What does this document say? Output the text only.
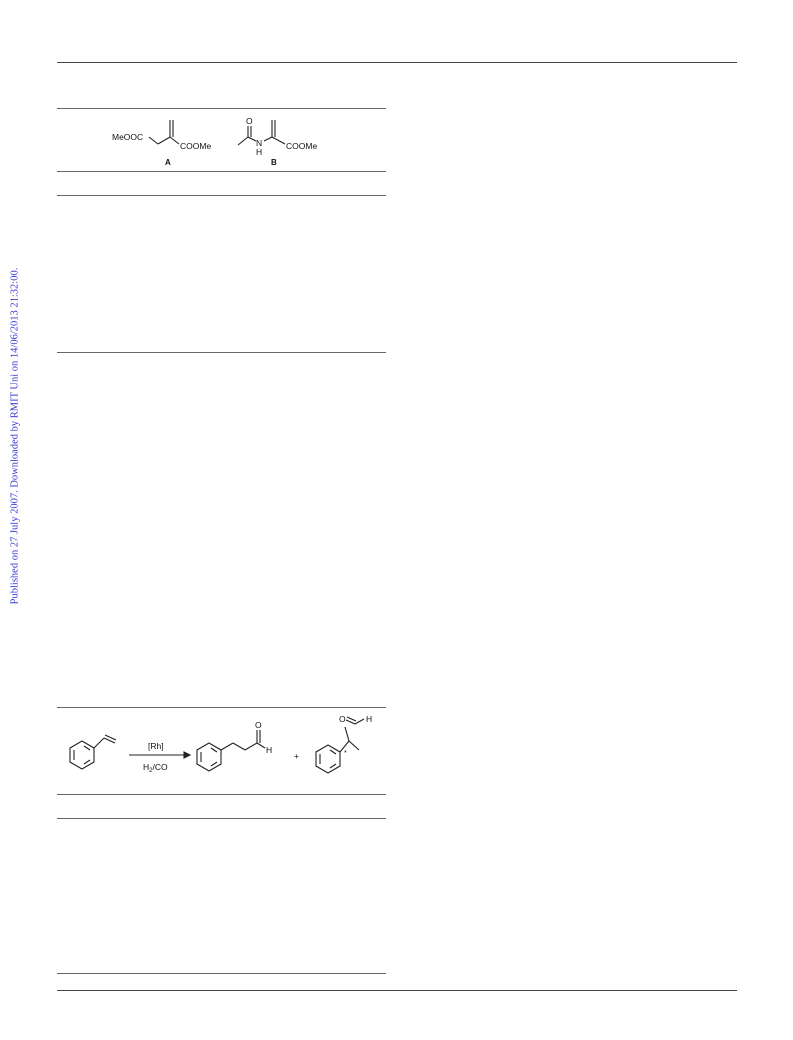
Published on 27 July 2007. Downloaded by RMIT Uni on 14/06/2013 21:32:00.
MeOOC
COOMe
A
O
N
H
COOMe
B
[Rh]
$H_2/CO$
O
H
+
O H
*
